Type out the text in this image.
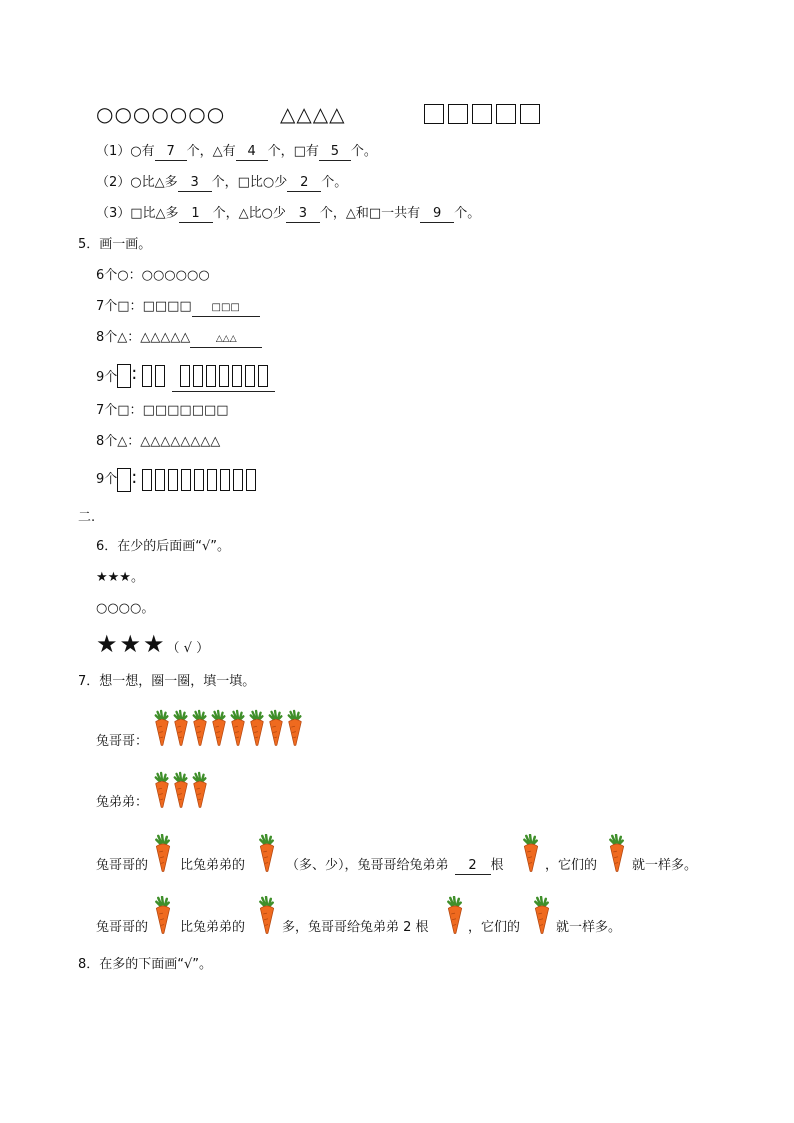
○○○○○○○	△△△△
（1）○有 7 个，△有 4 个，□有 5 个。
（2）○比△多 3 个，□比○少 2 个。
（3）□比△多 1 个，△比○少 3 个，△和□一共有 9 个。
5．画一画。
6个○：○○○○○○
7个□：□□□□ □□□
8个△：△△△△△	△△△
9个 :
7个□：□□□□□□□
8个△：△△△△△△△△
9个 :
二.
6．在少的后面画“√”。
★★★。
○○○○。
★★★（ √ ）
7．想一想，圈一圈，填一填。
兔哥哥：
兔弟弟：
兔哥哥的 比兔弟弟的	（多、少），兔哥哥给兔弟弟 2 根	，它们的	就一样多。
兔哥哥的 比兔弟弟的	多，兔哥哥给兔弟弟 2 根	，它们的	就一样多。
8．在多的下面画“√”。
